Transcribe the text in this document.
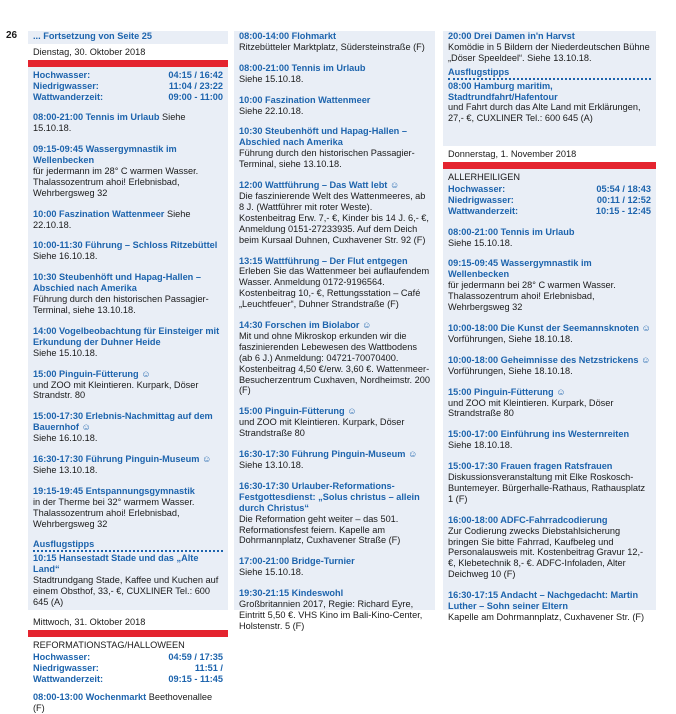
26 ... Fortsetzung von Seite 25
Dienstag, 30. Oktober 2018
Hochwasser:	04:15 / 16:42
Niedrigwasser:	11:04 / 23:22
Wattwanderzeit:	09:00 - 11:00
08:00-21:00 Tennis im Urlaub Siehe 15.10.18.
09:15-09:45 Wassergymnastik im Wellenbecken
für jedermann im 28° C warmen Wasser. Thalassozentrum ahoi! Erlebnisbad, Wehrbergsweg 32
10:00 Faszination Wattenmeer Siehe 22.10.18.
10:00-11:30 Führung – Schloss Ritzebüttel
Siehe 16.10.18.
10:30 Steubenhöft und Hapag-Hallen – Abschied nach Amerika
Führung durch den historischen Passagier-Terminal, siehe 13.10.18.
14:00 Vogelbeobachtung für Einsteiger mit Erkundung der Duhner Heide
Siehe 15.10.18.
15:00 Pinguin-Fütterung ☺
und ZOO mit Kleintieren. Kurpark, Döser Strandstr. 80
15:00-17:30 Erlebnis-Nachmittag auf dem Bauernhof ☺
Siehe 16.10.18.
16:30-17:30 Führung Pinguin-Museum ☺
Siehe 13.10.18.
19:15-19:45 Entspannungsgymnastik
in der Therme bei 32° warmem Wasser. Thalassozentrum ahoi! Erlebnisbad, Wehrbergsweg 32
Ausflugstipps
10:15 Hansestadt Stade und das „Alte Land“
Stadtrundgang Stade, Kaffee und Kuchen auf einem Obsthof, 33,- €, CUXLINER Tel.: 600 645 (A)
Mittwoch, 31. Oktober 2018
REFORMATIONSTAG/HALLOWEEN
Hochwasser:	04:59 / 17:35
Niedrigwasser:	11:51 /
Wattwanderzeit:	09:15 - 11:45
08:00-13:00 Wochenmarkt Beethovenallee (F)
08:00-14:00 Flohmarkt
Ritzebütteler Marktplatz, Südersteinstraße (F)
08:00-21:00 Tennis im Urlaub
Siehe 15.10.18.
10:00 Faszination Wattenmeer
Siehe 22.10.18.
10:30 Steubenhöft und Hapag-Hallen – Abschied nach Amerika
Führung durch den historischen Passagier-Terminal, siehe 13.10.18.
12:00 Wattführung – Das Watt lebt ☺
Die faszinierende Welt des Wattenmeeres, ab 8 J. (Wattführer mit roter Weste). Kostenbeitrag Erw. 7,- €, Kinder bis 14 J. 6,- €, Anmeldung 0151-27233935. Auf dem Deich beim Kursaal Duhnen, Cuxhavener Str. 92 (F)
13:15 Wattführung – Der Flut entgegen
Erleben Sie das Wattenmeer bei auflaufendem Wasser. Anmeldung 0172-9196564. Kostenbeitrag 10,- €, Rettungsstation – Café „Leuchtfeuer“, Duhner Strandstraße (F)
14:30 Forschen im Biolabor ☺
Mit und ohne Mikroskop erkunden wir die faszinierenden Lebewesen des Wattbodens (ab 6 J.) Anmeldung: 04721-70070400. Kostenbeitrag 4,50 €/erw. 3,60 €. Wattenmeer-Besucherzentrum Cuxhaven, Nordheimstr. 200 (F)
15:00 Pinguin-Fütterung ☺
und ZOO mit Kleintieren. Kurpark, Döser Strandstraße 80
16:30-17:30 Führung Pinguin-Museum ☺
Siehe 13.10.18.
16:30-17:30 Urlauber-Reformations-Festgottesdienst: „Solus christus – allein durch Christus“
Die Reformation geht weiter – das 501. Reformationsfest feiern. Kapelle am Dohrmannplatz, Cuxhavener Straße (F)
17:00-21:00 Bridge-Turnier
Siehe 15.10.18.
19:30-21:15 Kindeswohl
Großbritannien 2017, Regie: Richard Eyre, Eintritt 5,50 €. VHS Kino im Bali-Kino-Center, Holstenstr. 5 (F)
20:00 Drei Damen in'n Harvst
Komödie in 5 Bildern der Niederdeutschen Bühne „Döser Speeldeel“. Siehe 13.10.18.
Ausflugstipps
08:00 Hamburg maritim, Stadtrundfahrt/Hafentour
und Fahrt durch das Alte Land mit Erklärungen, 27,- €, CUXLINER Tel.: 600 645 (A)
Donnerstag, 1. November 2018
ALLERHEILIGEN
Hochwasser:	05:54 / 18:43
Niedrigwasser:	00:11 / 12:52
Wattwanderzeit:	10:15 - 12:45
08:00-21:00 Tennis im Urlaub
Siehe 15.10.18.
09:15-09:45 Wassergymnastik im Wellenbecken
für jedermann bei 28° C warmen Wasser. Thalassozentrum ahoi! Erlebnisbad, Wehrbergsweg 32
10:00-18:00 Die Kunst der Seemannsknoten ☺
Vorführungen, Siehe 18.10.18.
10:00-18:00 Geheimnisse des Netzstrickens ☺
Vorführungen, Siehe 18.10.18.
15:00 Pinguin-Fütterung ☺
und ZOO mit Kleintieren. Kurpark, Döser Strandstraße 80
15:00-17:00 Einführung ins Westernreiten
Siehe 18.10.18.
15:00-17:30 Frauen fragen Ratsfrauen
Diskussionsveranstaltung mit Elke Roskosch-Buntemeyer. Bürgerhalle-Rathaus, Rathausplatz 1 (F)
16:00-18:00 ADFC-Fahrradcodierung
Zur Codierung zwecks Diebstahlsicherung bringen Sie bitte Fahrrad, Kaufbeleg und Personalausweis mit. Kostenbeitrag Gravur 12,- €, Klebetechnik 8,- €. ADFC-Infoladen, Alter Deichweg 10 (F)
16:30-17:15 Andacht – Nachgedacht: Martin Luther – Sohn seiner Eltern
Kapelle am Dohrmannplatz, Cuxhavener Str. (F)
